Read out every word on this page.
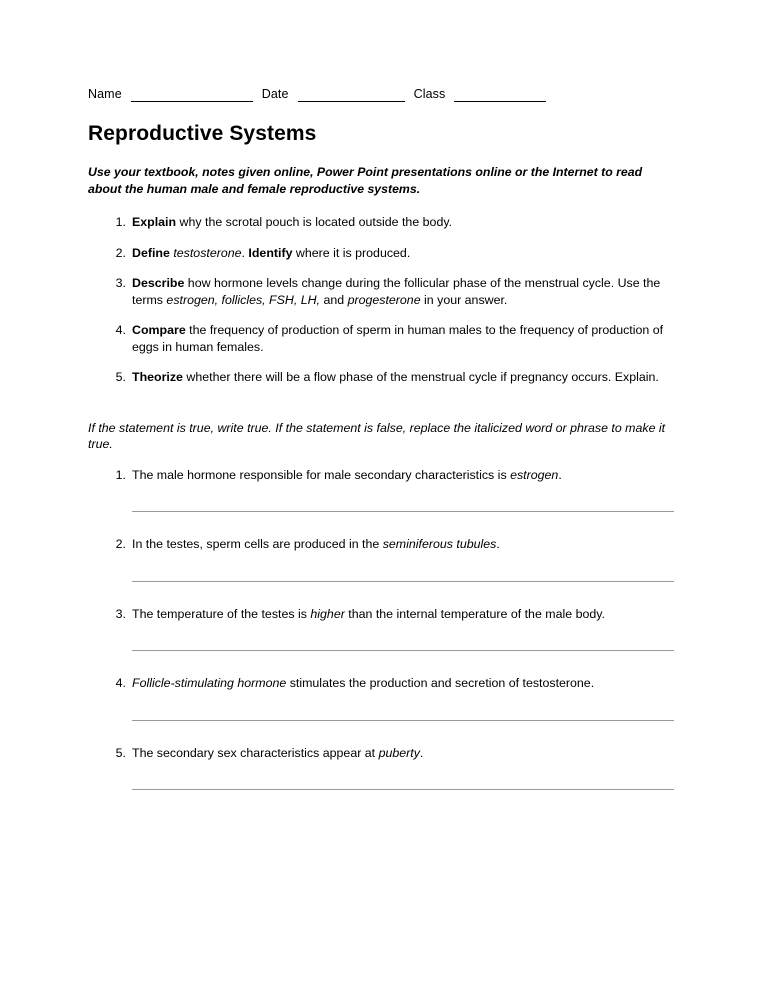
Name	Date	Class
Reproductive Systems

Use your textbook, notes given online, Power Point presentations online or the Internet to read about the human male and female reproductive systems.

Explain why the scrotal pouch is located outside the body.
Define testosterone. Identify where it is produced.
Describe how hormone levels change during the follicular phase of the menstrual cycle. Use the terms estrogen, follicles, FSH, LH, and progesterone in your answer.
Compare the frequency of production of sperm in human males to the frequency of production of eggs in human females.
Theorize whether there will be a flow phase of the menstrual cycle if pregnancy occurs. Explain.

If the statement is true, write true. If the statement is false, replace the italicized word or phrase to make it true.

The male hormone responsible for male secondary characteristics is estrogen.
In the testes, sperm cells are produced in the seminiferous tubules.
The temperature of the testes is higher than the internal temperature of the male body.
Follicle-stimulating hormone stimulates the production and secretion of testosterone.
The secondary sex characteristics appear at puberty.
